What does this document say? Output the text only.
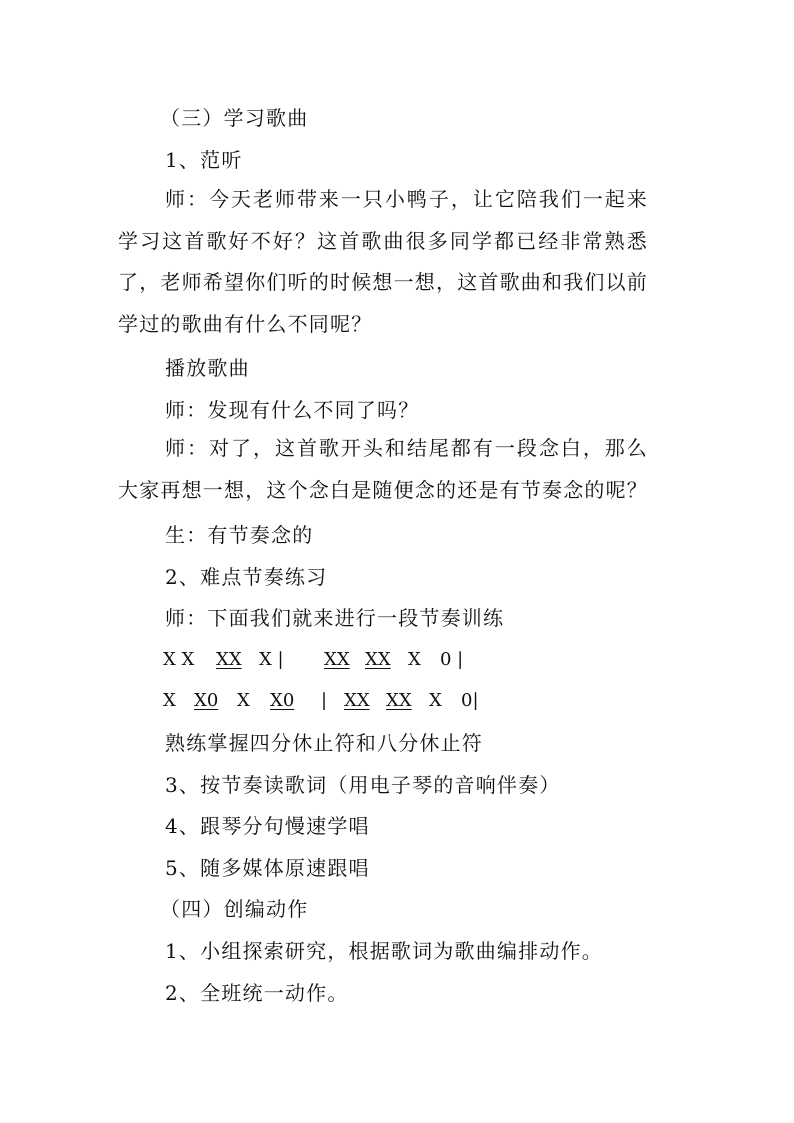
（三）学习歌曲
1、范听
师：今天老师带来一只小鸭子，让它陪我们一起来学习这首歌好不好？这首歌曲很多同学都已经非常熟悉了，老师希望你们听的时候想一想，这首歌曲和我们以前学过的歌曲有什么不同呢？
播放歌曲
师：发现有什么不同了吗？
师：对了，这首歌开头和结尾都有一段念白，那么大家再想一想，这个念白是随便念的还是有节奏念的呢？
生：有节奏念的
2、难点节奏练习
师：下面我们就来进行一段节奏训练
X X XX X | XX XX X 0 |
X X0 X X0 | XX XX X 0|
熟练掌握四分休止符和八分休止符
3、按节奏读歌词（用电子琴的音响伴奏）
4、跟琴分句慢速学唱
5、随多媒体原速跟唱
（四）创编动作
1、小组探索研究，根据歌词为歌曲编排动作。
2、全班统一动作。
